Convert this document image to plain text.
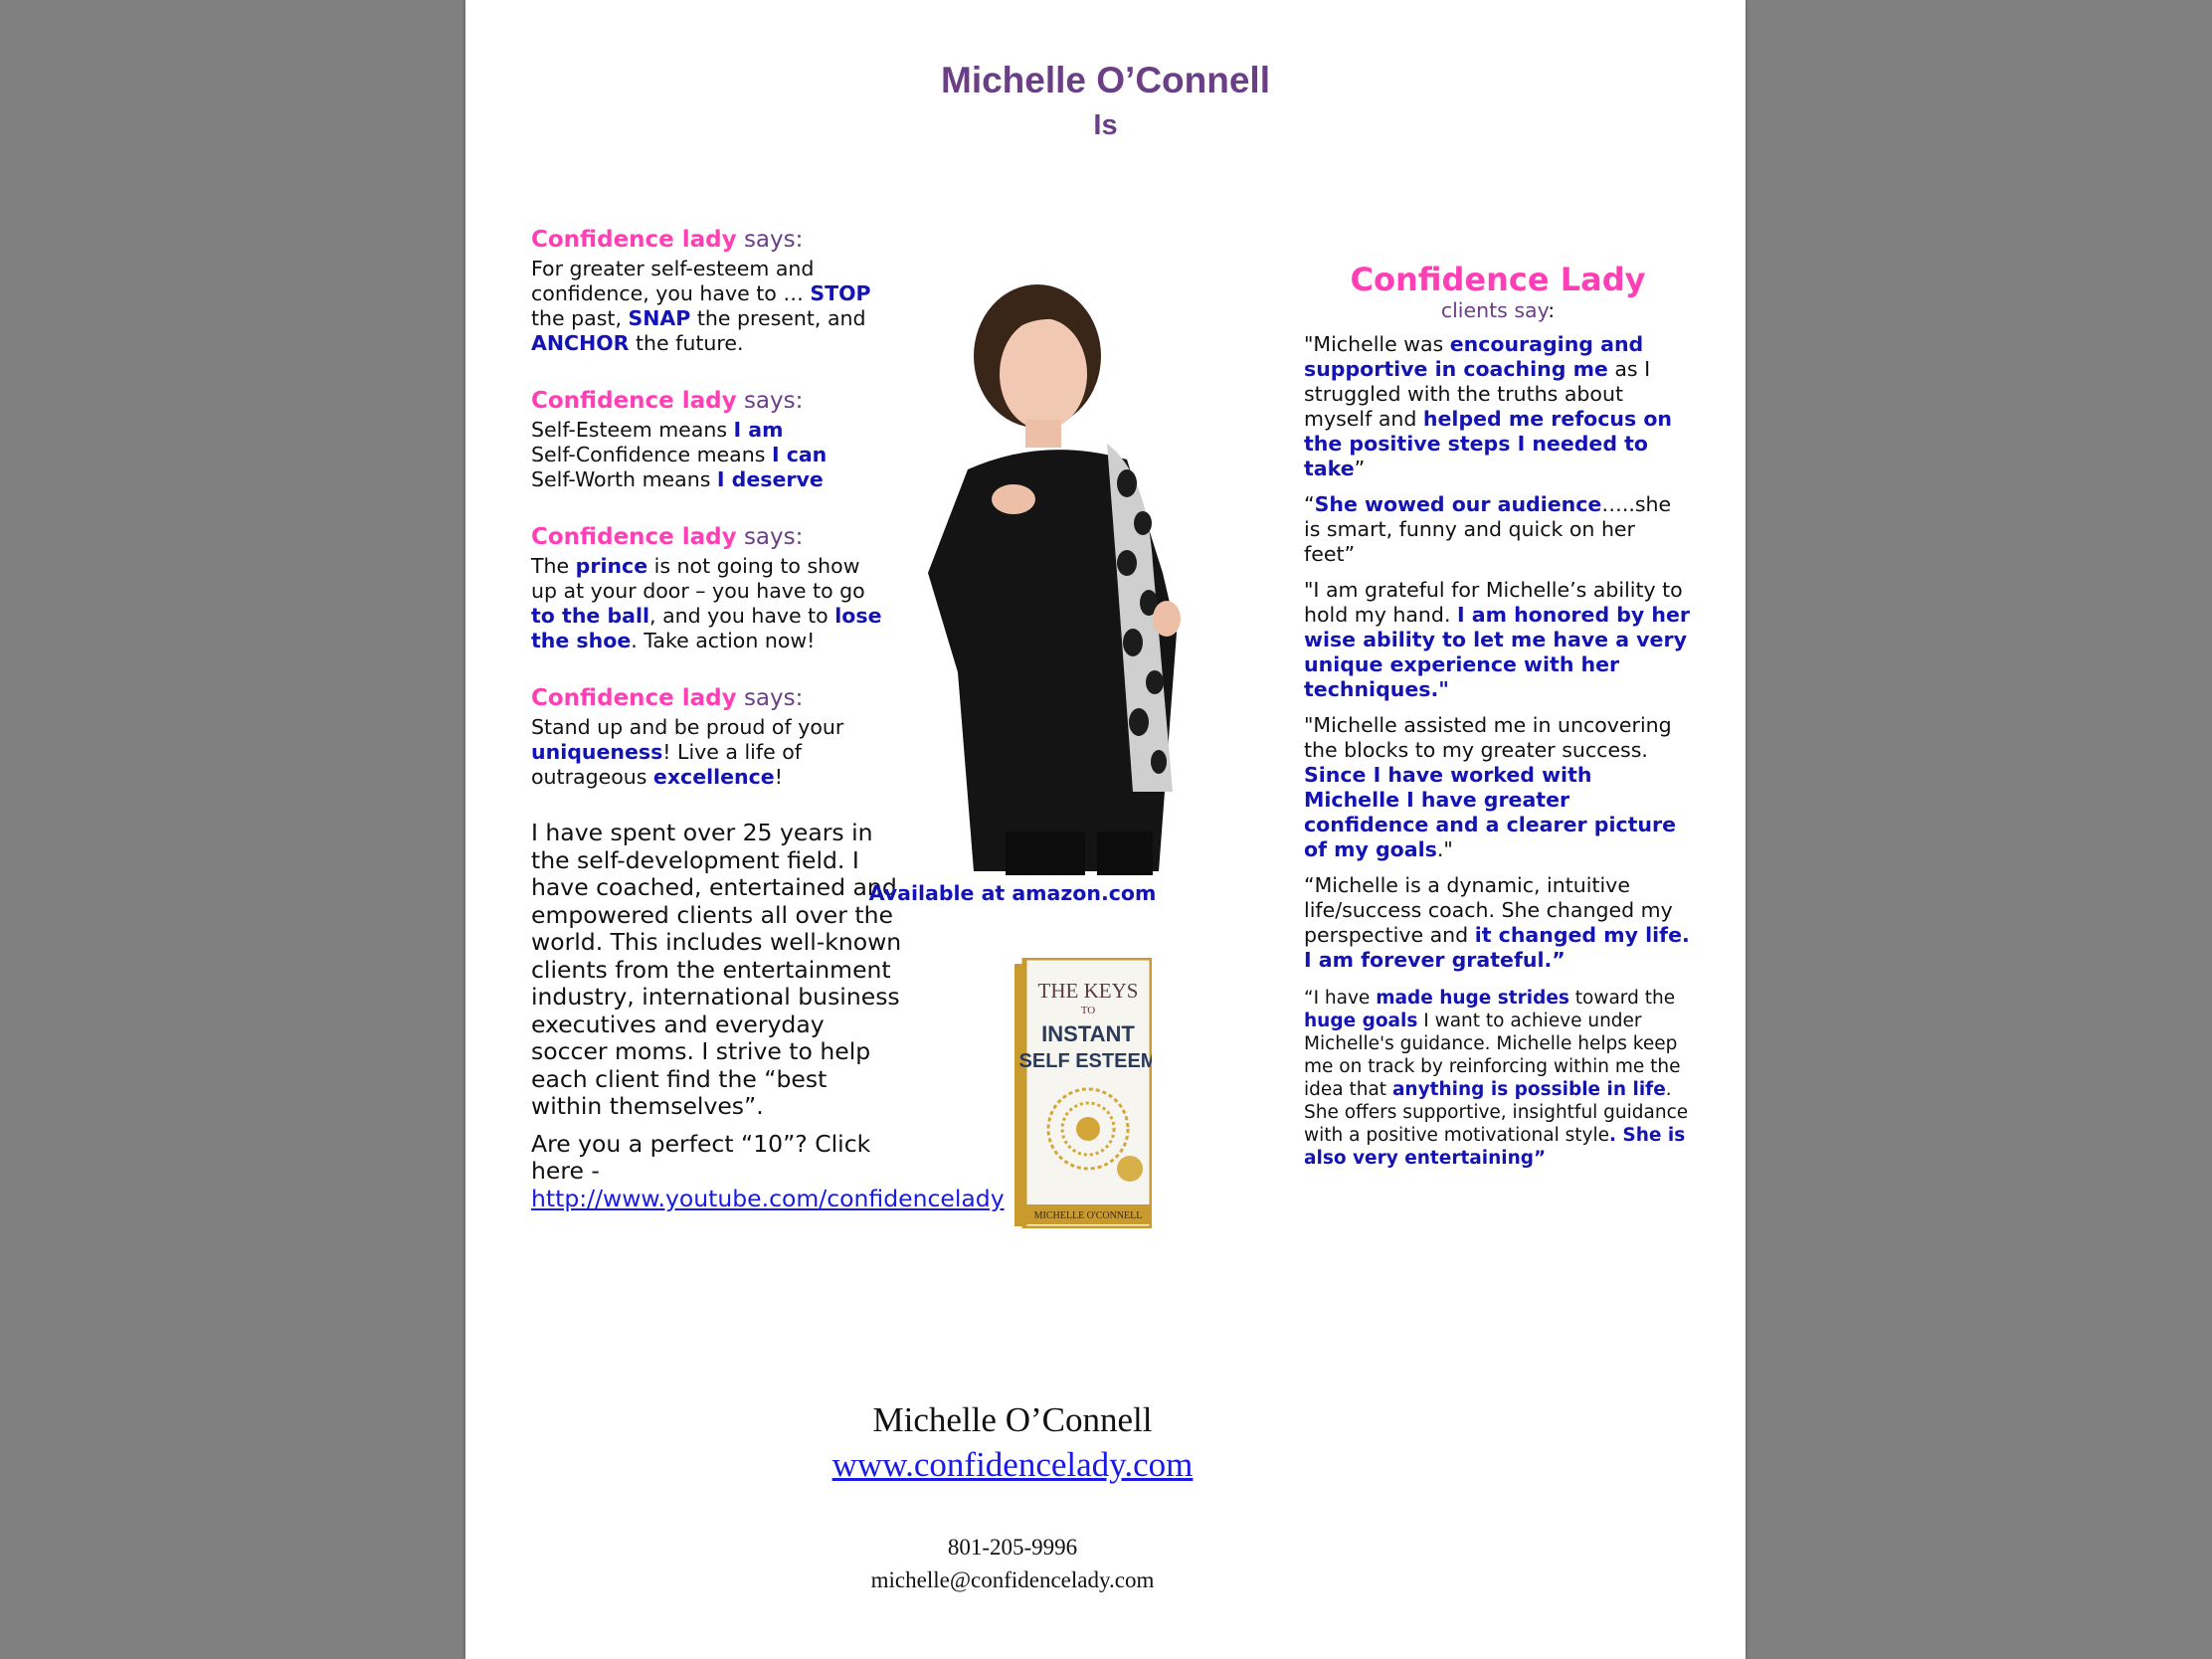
Michelle O’Connell
Is
Confidence lady says:
For greater self-esteem and confidence, you have to … STOP the past, SNAP the present, and ANCHOR the future.
Confidence lady says:
Self-Esteem means I am
Self-Confidence means I can
Self-Worth means I deserve
Confidence lady says:
The prince is not going to show up at your door – you have to go to the ball, and you have to lose the shoe. Take action now!
Confidence lady says:
Stand up and be proud of your uniqueness! Live a life of outrageous excellence!

I have spent over 25 years in the self-development field. I have coached, entertained and empowered clients all over the world. This includes well-known clients from the entertainment industry, international business executives and everyday soccer moms. I strive to help each client find the “best within themselves”.

Are you a perfect “10”? Click here - http://www.youtube.com/confidencelady

Available at amazon.com
THE KEYS
TO
INSTANT
SELF ESTEEM
MICHELLE O'CONNELL
Confidence Lady
clients say:

"Michelle was encouraging and supportive in coaching me as I struggled with the truths about myself and helped me refocus on the positive steps I needed to take”

“She wowed our audience…..she is smart, funny and quick on her feet”

"I am grateful for Michelle’s ability to hold my hand. I am honored by her wise ability to let me have a very unique experience with her techniques."

"Michelle assisted me in uncovering the blocks to my greater success. Since I have worked with Michelle I have greater confidence and a clearer picture of my goals."

“Michelle is a dynamic, intuitive life/success coach. She changed my perspective and it changed my life. I am forever grateful.”

“I have made huge strides toward the huge goals I want to achieve under Michelle's guidance. Michelle helps keep me on track by reinforcing within me the idea that anything is possible in life. She offers supportive, insightful guidance with a positive motivational style. She is also very entertaining”

Michelle O’Connell
www.confidencelady.com
801-205-9996
michelle@confidencelady.com
